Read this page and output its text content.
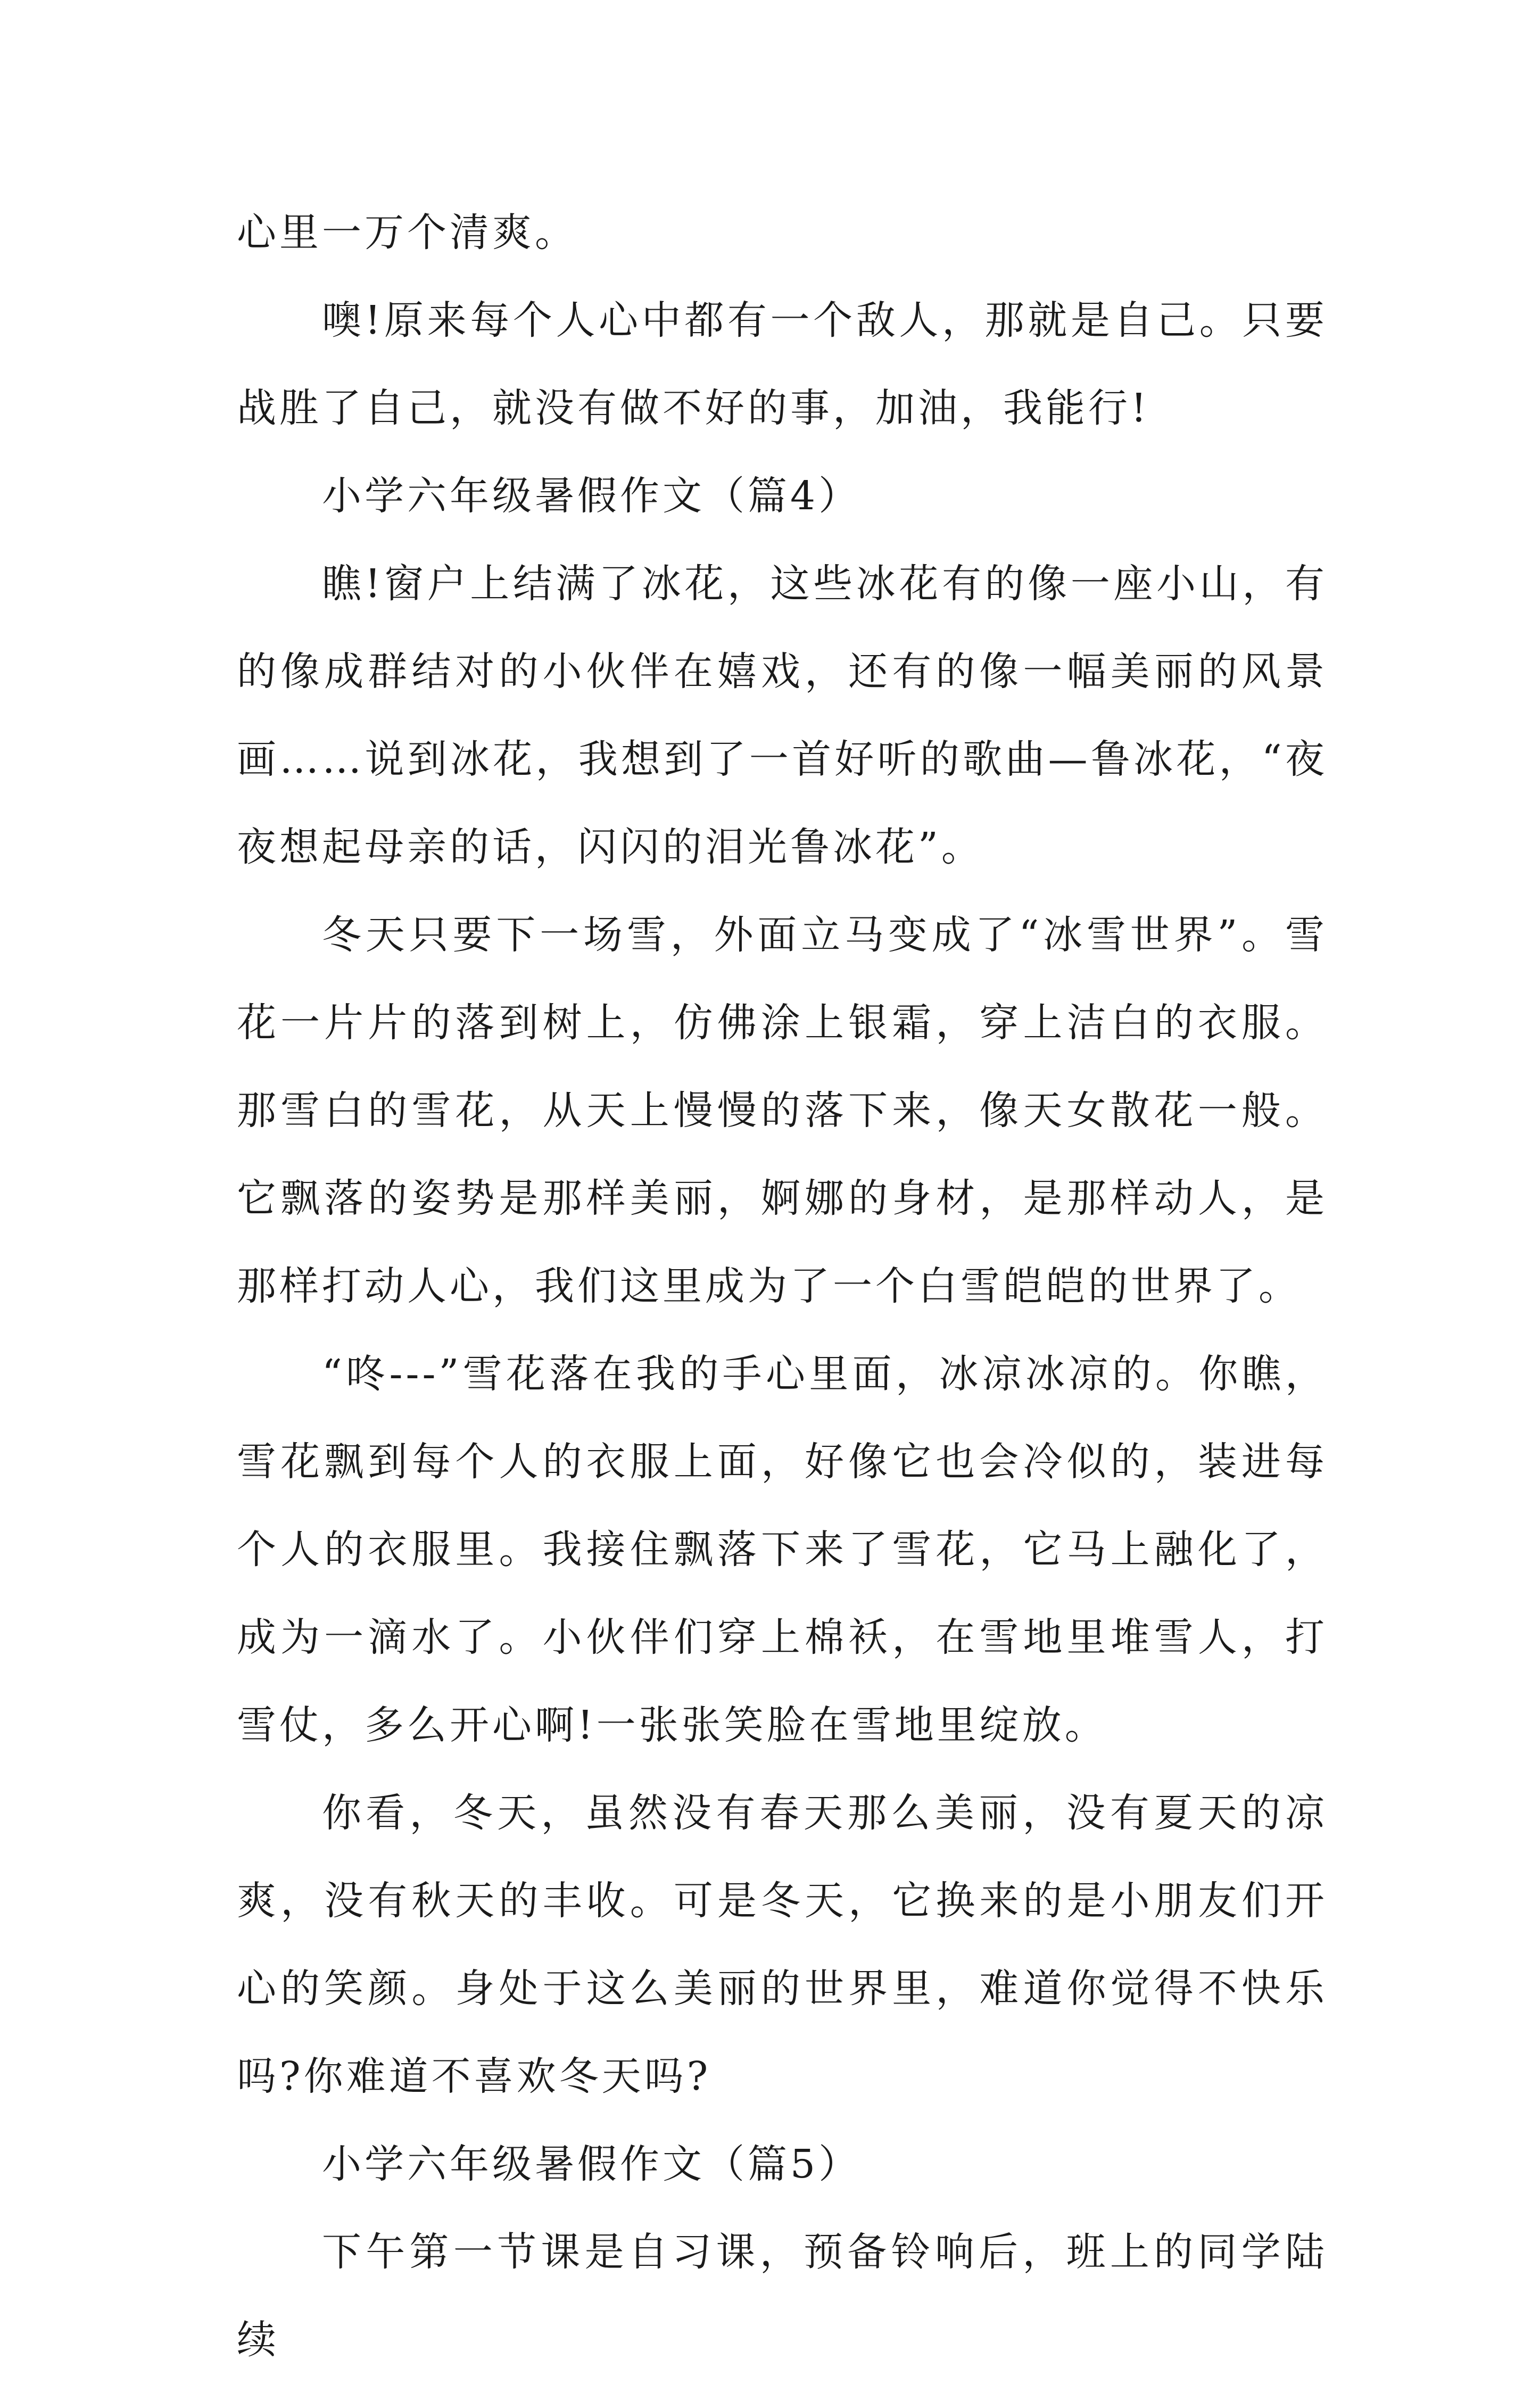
心里一万个清爽。

噢!原来每个人心中都有一个敌人，那就是自己。只要战胜了自己，就没有做不好的事，加油，我能行!

小学六年级暑假作文（篇4）

瞧!窗户上结满了冰花，这些冰花有的像一座小山，有的像成群结对的小伙伴在嬉戏，还有的像一幅美丽的风景画……说到冰花，我想到了一首好听的歌曲—鲁冰花，“夜夜想起母亲的话，闪闪的泪光鲁冰花”。

冬天只要下一场雪，外面立马变成了“冰雪世界”。雪花一片片的落到树上，仿佛涂上银霜，穿上洁白的衣服。那雪白的雪花，从天上慢慢的落下来，像天女散花一般。它飘落的姿势是那样美丽，婀娜的身材，是那样动人，是那样打动人心，我们这里成为了一个白雪皑皑的世界了。

“咚---”雪花落在我的手心里面，冰凉冰凉的。你瞧，雪花飘到每个人的衣服上面，好像它也会冷似的，装进每个人的衣服里。我接住飘落下来了雪花，它马上融化了，成为一滴水了。小伙伴们穿上棉袄，在雪地里堆雪人，打雪仗，多么开心啊!一张张笑脸在雪地里绽放。

你看，冬天，虽然没有春天那么美丽，没有夏天的凉爽，没有秋天的丰收。可是冬天，它换来的是小朋友们开心的笑颜。身处于这么美丽的世界里，难道你觉得不快乐吗?你难道不喜欢冬天吗?

小学六年级暑假作文（篇5）

下午第一节课是自习课，预备铃响后，班上的同学陆续
